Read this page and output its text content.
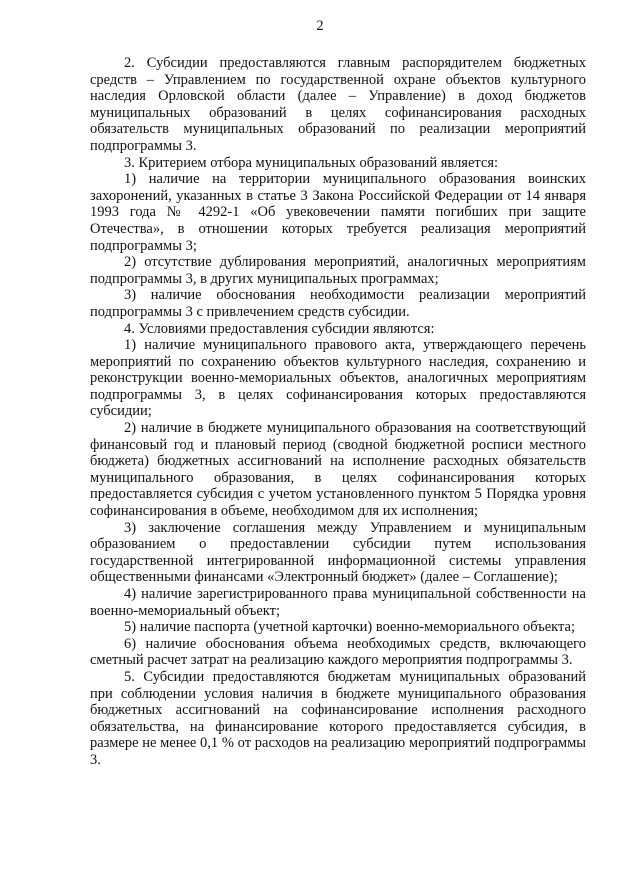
2

2. Субсидии предоставляются главным распорядителем бюджетных средств – Управлением по государственной охране объектов культурного наследия Орловской области (далее – Управление) в доход бюджетов муниципальных образований в целях софинансирования расходных обязательств муниципальных образований по реализации мероприятий подпрограммы 3.

3. Критерием отбора муниципальных образований является:

1) наличие на территории муниципального образования воинских захоронений, указанных в статье 3 Закона Российской Федерации от 14 января 1993 года № 4292-1 «Об увековечении памяти погибших при защите Отечества», в отношении которых требуется реализация мероприятий подпрограммы 3;

2) отсутствие дублирования мероприятий, аналогичных мероприятиям подпрограммы 3, в других муниципальных программах;

3) наличие обоснования необходимости реализации мероприятий подпрограммы 3 с привлечением средств субсидии.

4. Условиями предоставления субсидии являются:

1) наличие муниципального правового акта, утверждающего перечень мероприятий по сохранению объектов культурного наследия, сохранению и реконструкции военно-мемориальных объектов, аналогичных мероприятиям подпрограммы 3, в целях софинансирования которых предоставляются субсидии;

2) наличие в бюджете муниципального образования на соответствующий финансовый год и плановый период (сводной бюджетной росписи местного бюджета) бюджетных ассигнований на исполнение расходных обязательств муниципального образования, в целях софинансирования которых предоставляется субсидия с учетом установленного пунктом 5 Порядка уровня софинансирования в объеме, необходимом для их исполнения;

3) заключение соглашения между Управлением и муниципальным образованием о предоставлении субсидии путем использования государственной интегрированной информационной системы управления общественными финансами «Электронный бюджет» (далее – Соглашение);

4) наличие зарегистрированного права муниципальной собственности на военно-мемориальный объект;

5) наличие паспорта (учетной карточки) военно-мемориального объекта;

6) наличие обоснования объема необходимых средств, включающего сметный расчет затрат на реализацию каждого мероприятия подпрограммы 3.

5. Субсидии предоставляются бюджетам муниципальных образований при соблюдении условия наличия в бюджете муниципального образования бюджетных ассигнований на софинансирование исполнения расходного обязательства, на финансирование которого предоставляется субсидия, в размере не менее 0,1 % от расходов на реализацию мероприятий подпрограммы 3.
